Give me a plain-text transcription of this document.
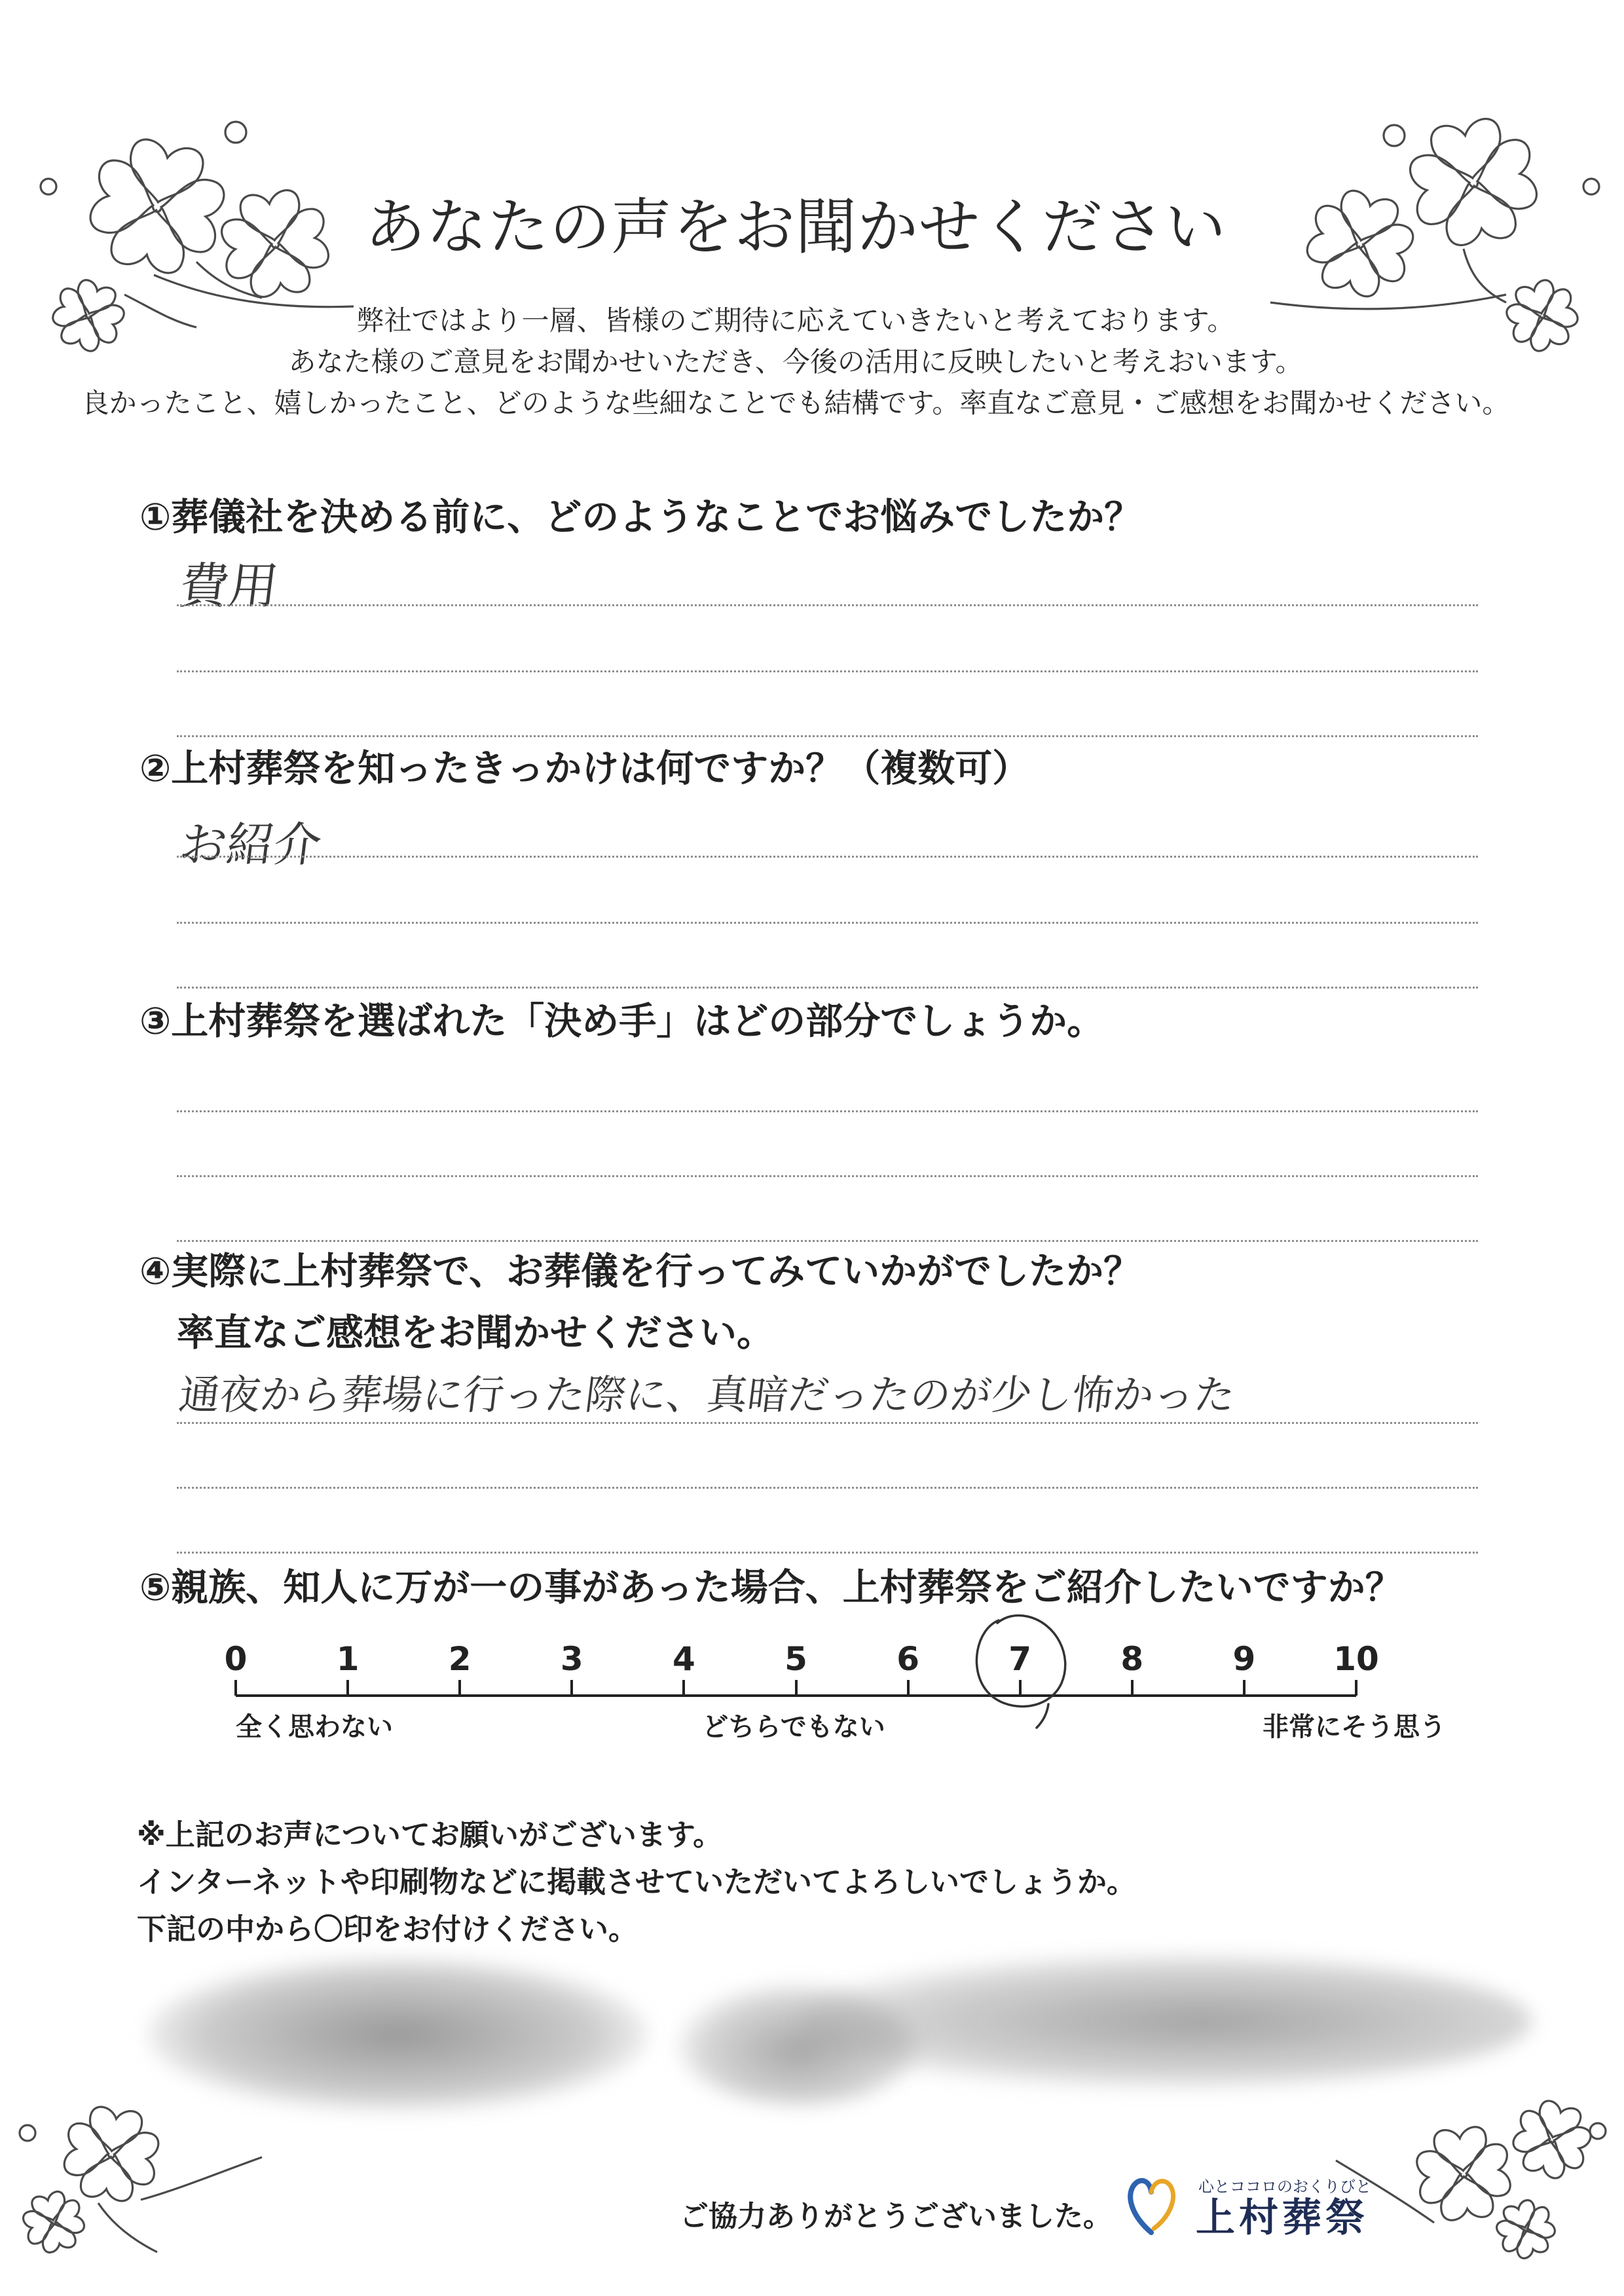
あなたの声をお聞かせください
弊社ではより一層、皆様のご期待に応えていきたいと考えております。
あなた様のご意見をお聞かせいただき、今後の活用に反映したいと考えおいます。
良かったこと、嬉しかったこと、どのような些細なことでも結構です。率直なご意見・ご感想をお聞かせください。
①葬儀社を決める前に、どのようなことでお悩みでしたか？
費用
②上村葬祭を知ったきっかけは何ですか？（複数可）
お紹介
③上村葬祭を選ばれた「決め手」はどの部分でしょうか。
④実際に上村葬祭で、お葬儀を行ってみていかがでしたか？
率直なご感想をお聞かせください。
通夜から葬場に行った際に、真暗だったのが少し怖かった
⑤親族、知人に万が一の事があった場合、上村葬祭をご紹介したいですか？
0	1	2	3	4	5	6	7	8	9 10
全く思わない	どちらでもない	非常にそう思う
※上記のお声についてお願いがございます。
インターネットや印刷物などに掲載させていただいてよろしいでしょうか。
下記の中から〇印をお付けください。
ご協力ありがとうございました。
心とココロのおくりびと
上村葬祭
